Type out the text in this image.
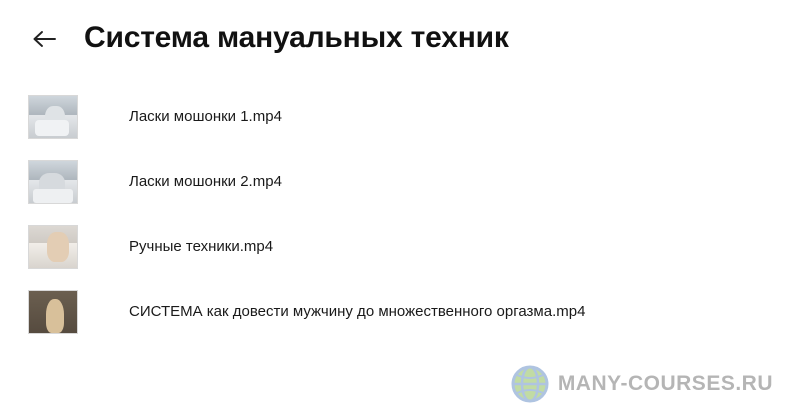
Система мануальных техник
Ласки мошонки 1.mp4
Ласки мошонки 2.mp4
Ручные техники.mp4
СИСТЕМА как довести мужчину до множественного оргазма.mp4
MANY-COURSES.RU
